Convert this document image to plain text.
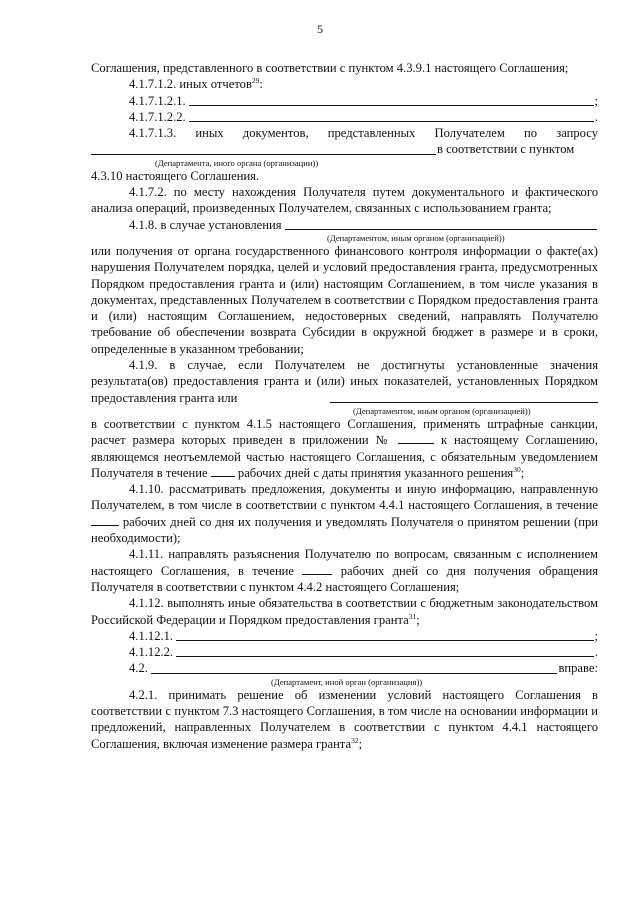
5

Соглашения, представленного в соответствии с пунктом 4.3.9.1 настоящего Соглашения;

4.1.7.1.2. иных отчетов$^{29}$:

4.1.7.1.2.1.	;
4.1.7.1.2.2.	.

4.1.7.1.3. иных документов, представленных Получателем по запросу

в соответствии с пунктом
(Департамента, иного органа (организации))

4.3.10 настоящего Соглашения.

4.1.7.2. по месту нахождения Получателя путем документального и фактического анализа операций, произведенных Получателем, связанных с использованием гранта;

4.1.8. в случае установления
(Департаментом, иным органом (организацией))

или получения от органа государственного финансового контроля информации о факте(ах) нарушения Получателем порядка, целей и условий предоставления гранта, предусмотренных Порядком предоставления гранта и (или) настоящим Соглашением, в том числе указания в документах, представленных Получателем в соответствии с Порядком предоставления гранта и (или) настоящим Соглашением, недостоверных сведений, направлять Получателю требование об обеспечении возврата Субсидии в окружной бюджет в размере и в сроки, определенные в указанном требовании;

4.1.9. в случае, если Получателем не достигнуты установленные значения результата(ов) предоставления гранта и (или) иных показателей, установленных Порядком предоставления гранта или

(Департаментом, иным органом (организацией))

в соответствии с пунктом 4.1.5 настоящего Соглашения, применять штрафные санкции, расчет размера которых приведен в приложении №	к настоящему Соглашению, являющемся неотъемлемой частью настоящего Соглашения, с обязательным уведомлением Получателя в течение рабочих дней с даты принятия указанного решения$^{30}$;

4.1.10. рассматривать предложения, документы и иную информацию, направленную Получателем, в том числе в соответствии с пунктом 4.4.1 настоящего Соглашения, в течение  рабочих дней со дня их получения и уведомлять Получателя о принятом решении (при необходимости);

4.1.11. направлять разъяснения Получателю по вопросам, связанным с исполнением настоящего Соглашения, в течение	рабочих дней со дня получения обращения Получателя в соответствии с пунктом 4.4.2 настоящего Соглашения;

4.1.12. выполнять иные обязательства в соответствии с бюджетным законодательством Российской Федерации и Порядком предоставления гранта$^{31}$;

4.1.12.1.	;
4.1.12.2.	.
4.2.	вправе:
(Департамент, иной орган (организация))

4.2.1. принимать решение об изменении условий настоящего Соглашения в соответствии с пунктом 7.3 настоящего Соглашения, в том числе на основании информации и предложений, направленных Получателем в соответствии с пунктом 4.4.1 настоящего Соглашения, включая изменение размера гранта$^{32}$;
